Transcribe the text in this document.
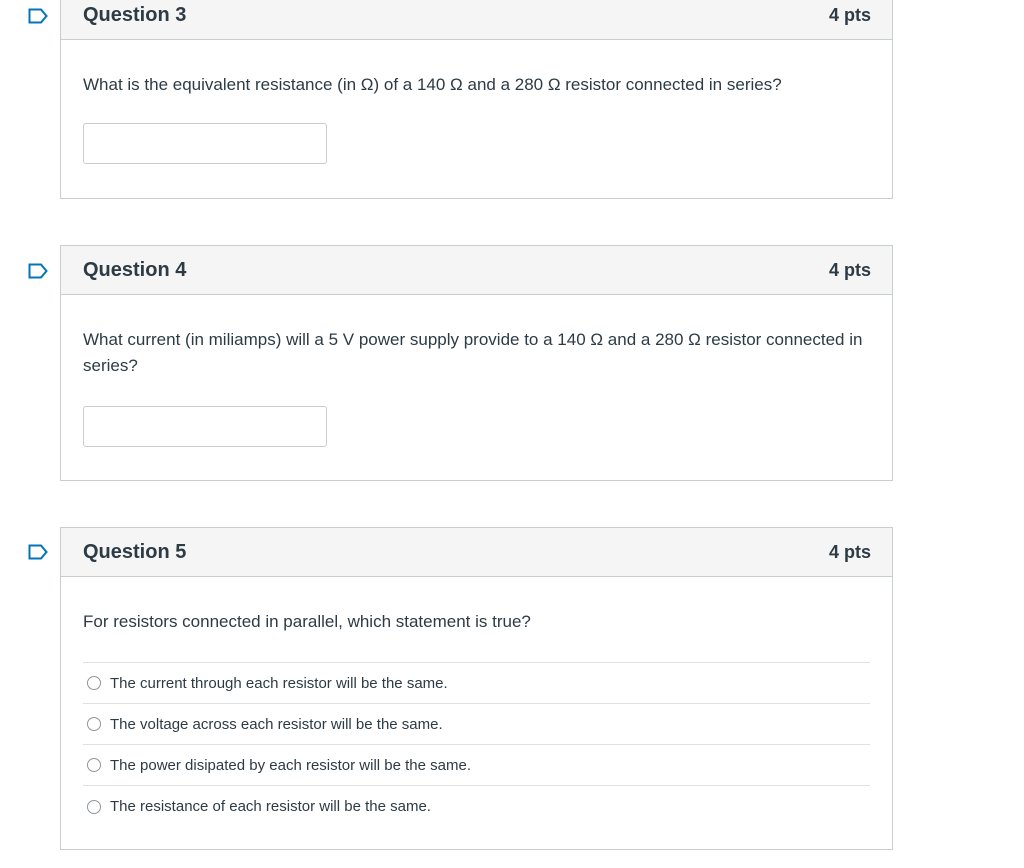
Question 3	4 pts

What is the equivalent resistance (in Ω) of a 140 Ω and a 280 Ω resistor connected in series?

Question 4	4 pts

What current (in miliamps) will a 5 V power supply provide to a 140 Ω and a 280 Ω resistor connected in series?

Question 5	4 pts

For resistors connected in parallel, which statement is true?

The current through each resistor will be the same.
The voltage across each resistor will be the same.
The power disipated by each resistor will be the same.
The resistance of each resistor will be the same.
